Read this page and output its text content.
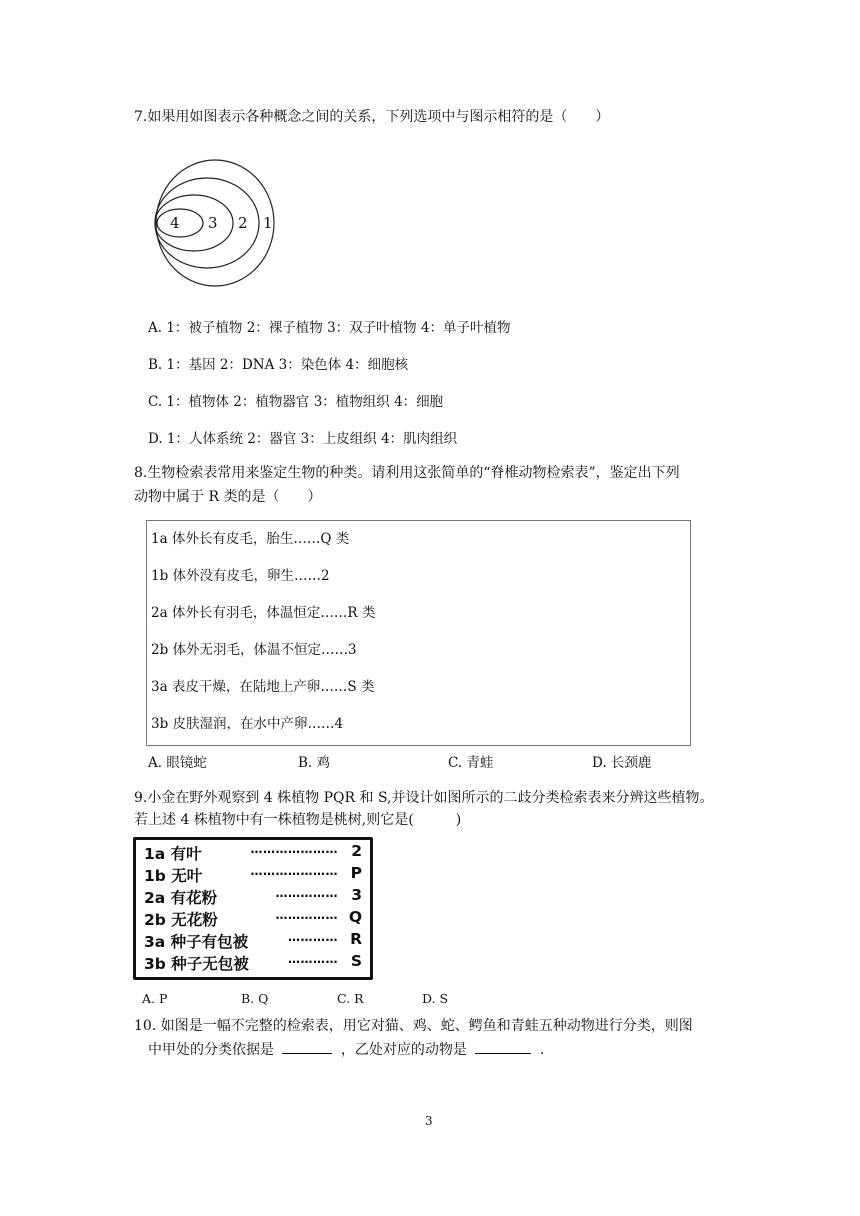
7.如果用如图表示各种概念之间的关系，下列选项中与图示相符的是（　　）
4 3 2 1
A. 1：被子植物 2：裸子植物 3：双子叶植物 4：单子叶植物
B. 1：基因 2：DNA 3：染色体 4：细胞核
C. 1：植物体 2：植物器官 3：植物组织 4：细胞
D. 1：人体系统 2：器官 3：上皮组织 4：肌肉组织
8.生物检索表常用来鉴定生物的种类。请利用这张简单的“脊椎动物检索表”，鉴定出下列
动物中属于 R 类的是（　　）
1a 体外长有皮毛，胎生……Q 类
1b 体外没有皮毛，卵生……2
2a 体外长有羽毛，体温恒定……R 类
2b 体外无羽毛，体温不恒定……3
3a 表皮干燥，在陆地上产卵……S 类
3b 皮肤湿润，在水中产卵……4
A. 眼镜蛇	B. 鸡	C. 青蛙	D. 长颈鹿
9.小金在野外观察到 4 株植物 PQR 和 S,并设计如图所示的二歧分类检索表来分辨这些植物。
若上述 4 株植物中有一株植物是桃树,则它是(　　　)
1a 有叶	………………… 2
1b 无叶	………………… P
2a 有花粉	…………… 3
2b 无花粉	…………… Q
3a 种子有包被	………… R
3b 种子无包被	………… S
A. P	B. Q	C. R	D. S
10. 如图是一幅不完整的检索表，用它对猫、鸡、蛇、鳄鱼和青蛙五种动物进行分类，则图
中甲处的分类依据是	，乙处对应的动物是	.
3
